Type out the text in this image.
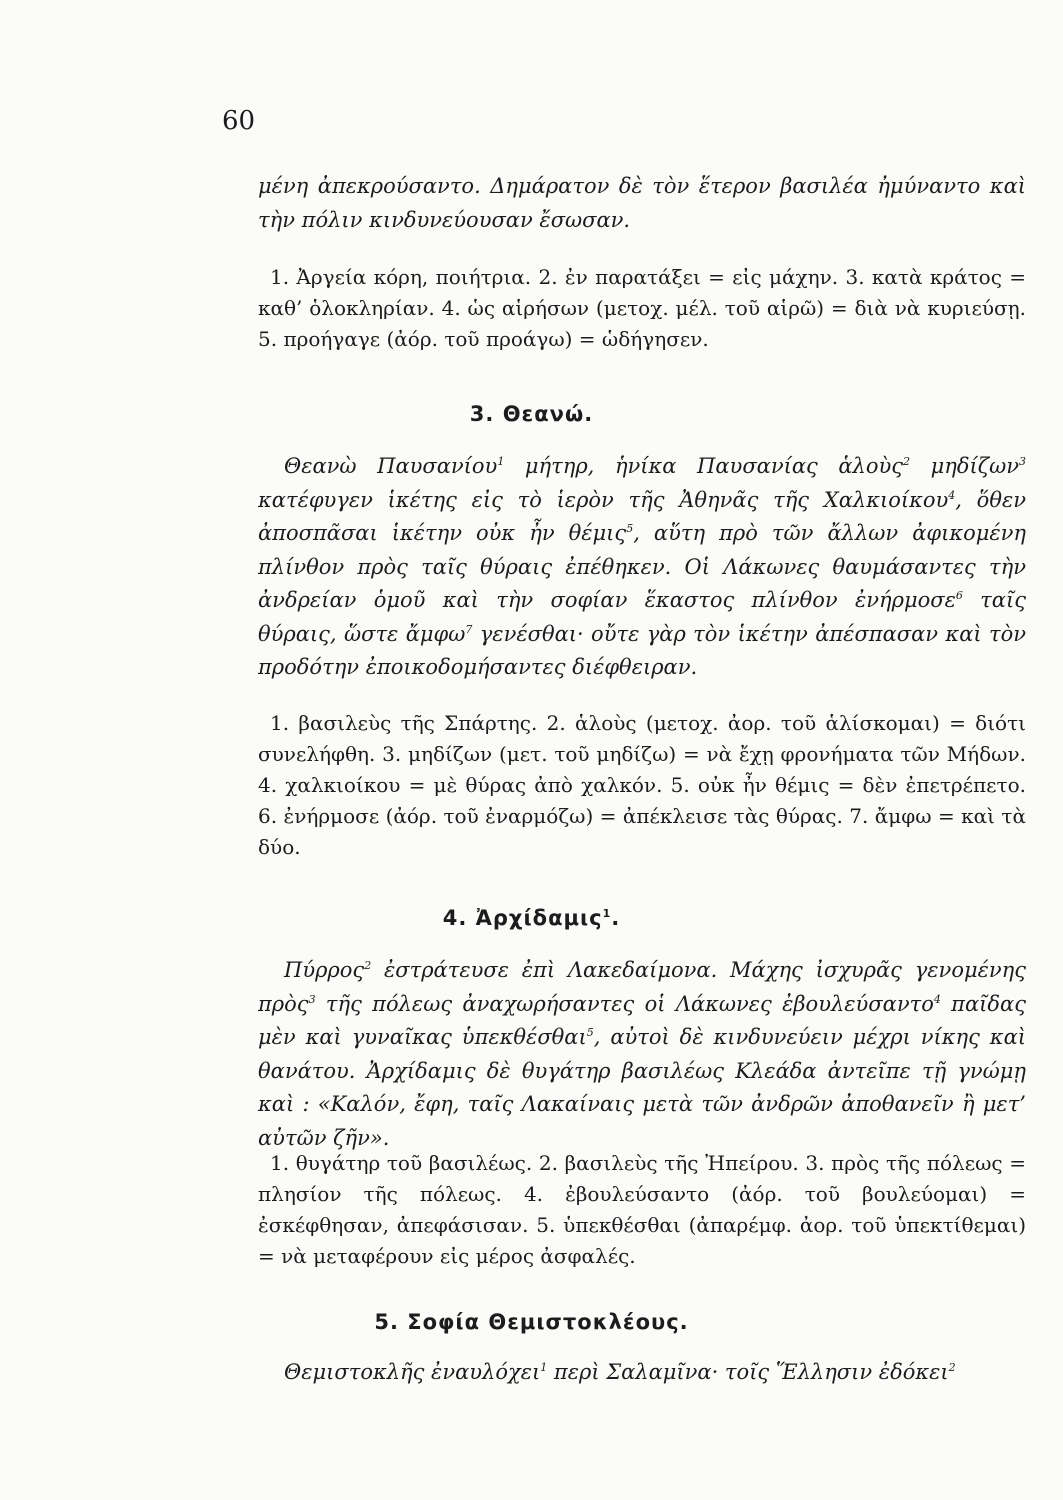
60
μένη ἀπεκρούσαντο. Δημάρατον δὲ τὸν ἕτερον βασιλέα ἠμύναντο καὶ τὴν πόλιν κινδυνεύουσαν ἔσωσαν.
1. Ἀργεία κόρη, ποιήτρια. 2. ἐν παρατάξει = εἰς μάχην. 3. κατὰ κράτος = καθ’ ὁλοκληρίαν. 4. ὡς αἱρήσων (μετοχ. μέλ. τοῦ αἱρῶ) = διὰ νὰ κυριεύσῃ. 5. προήγαγε (ἀόρ. τοῦ προάγω) = ὡδήγησεν.
3. Θεανώ.
Θεανὼ Παυσανίου$^1$ μήτηρ, ἡνίκα Παυσανίας ἁλοὺς$^2$ μηδίζων$^3$ κατέφυγεν ἱκέτης εἰς τὸ ἱερὸν τῆς Ἀθηνᾶς τῆς Χαλκιοίκου$^4$, ὅθεν ἀποσπᾶσαι ἱκέτην οὐκ ἦν θέμις$^5$, αὕτη πρὸ τῶν ἄλλων ἀφικομένη πλίνθον πρὸς ταῖς θύραις ἐπέθηκεν. Οἱ Λάκωνες θαυμάσαντες τὴν ἀνδρείαν ὁμοῦ καὶ τὴν σοφίαν ἕκαστος πλίνθον ἐνήρμοσε$^6$ ταῖς θύραις, ὥστε ἄμφω$^7$ γενέσθαι· οὔτε γὰρ τὸν ἱκέτην ἀπέσπασαν καὶ τὸν προδότην ἐποικοδομήσαντες διέφθειραν.
1. βασιλεὺς τῆς Σπάρτης. 2. ἁλοὺς (μετοχ. ἀορ. τοῦ ἁλίσκομαι) = διότι συνελήφθη. 3. μηδίζων (μετ. τοῦ μηδίζω) = νὰ ἔχῃ φρονήματα τῶν Μήδων. 4. χαλκιοίκου = μὲ θύρας ἀπὸ χαλκόν. 5. οὐκ ἦν θέμις = δὲν ἐπετρέπετο. 6. ἐνήρμοσε (ἀόρ. τοῦ ἐναρμόζω) = ἀπέκλεισε τὰς θύρας. 7. ἄμφω = καὶ τὰ δύο.
4. Ἀρχίδαμις$^1$.
Πύρρος$^2$ ἐστράτευσε ἐπὶ Λακεδαίμονα. Μάχης ἰσχυρᾶς γενομένης πρὸς$^3$ τῆς πόλεως ἀναχωρήσαντες οἱ Λάκωνες ἐβουλεύσαντο$^4$ παῖδας μὲν καὶ γυναῖκας ὑπεκθέσθαι$^5$, αὐτοὶ δὲ κινδυνεύειν μέχρι νίκης καὶ θανάτου. Ἀρχίδαμις δὲ θυγάτηρ βασιλέως Κλεάδα ἀντεῖπε τῇ γνώμῃ καὶ : «Καλόν, ἔφη, ταῖς Λακαίναις μετὰ τῶν ἀνδρῶν ἀποθανεῖν ἢ μετ’ αὐτῶν ζῆν».
1. θυγάτηρ τοῦ βασιλέως. 2. βασιλεὺς τῆς Ἠπείρου. 3. πρὸς τῆς πόλεως = πλησίον τῆς πόλεως. 4. ἐβουλεύσαντο (ἀόρ. τοῦ βουλεύομαι) = ἐσκέφθησαν, ἀπεφάσισαν. 5. ὑπεκθέσθαι (ἀπαρέμφ. ἀορ. τοῦ ὑπεκτίθεμαι) = νὰ μεταφέρουν εἰς μέρος ἀσφαλές.
5. Σοφία Θεμιστοκλέους.
Θεμιστοκλῆς ἐναυλόχει$^1$ περὶ Σαλαμῖνα· τοῖς Ἕλλησιν ἐδόκει$^2$
